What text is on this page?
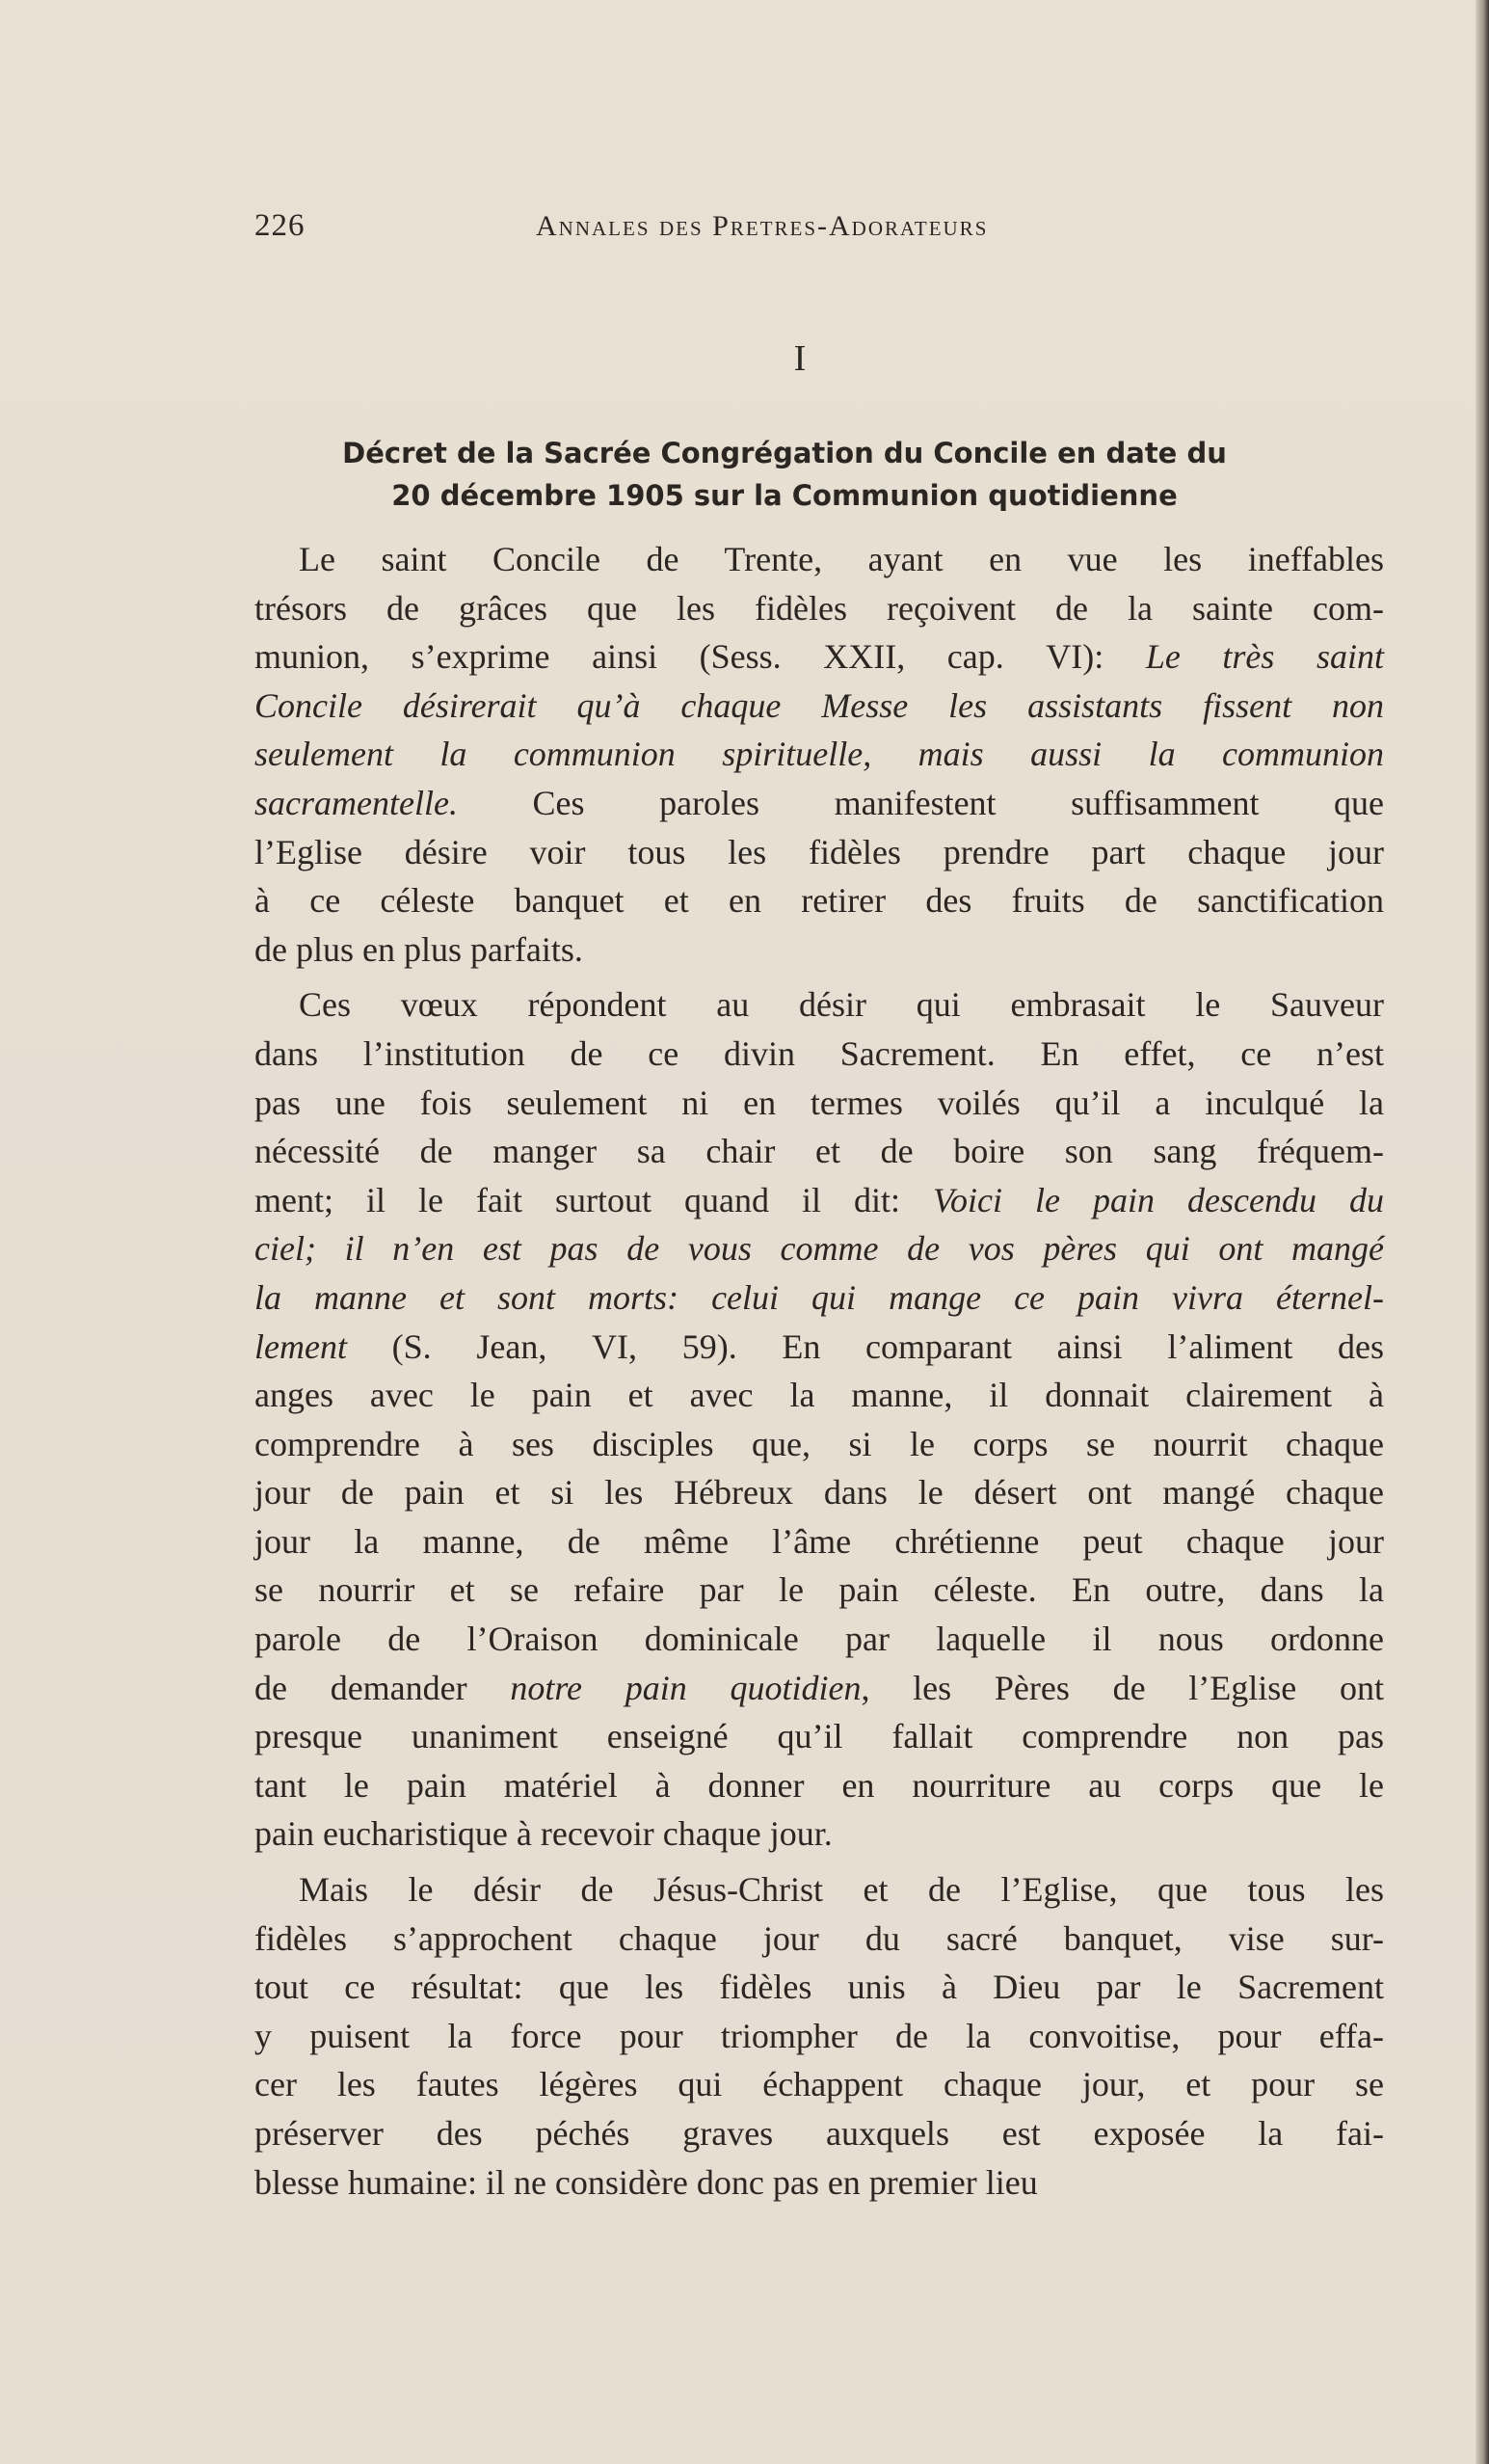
226	Annales des Pretres-Adorateurs
I
Décret de la Sacrée Congrégation du Concile en date du
20 décembre 1905 sur la Communion quotidienne
Le saint Concile de Trente, ayant en vue les ineffables
trésors de grâces que les fidèles reçoivent de la sainte com-
munion, s’exprime ainsi (Sess. XXII, cap. VI): Le très saint
Concile désirerait qu’à chaque Messe les assistants fissent non
seulement la communion spirituelle, mais aussi la communion
sacramentelle. Ces paroles manifestent suffisamment que
l’Eglise désire voir tous les fidèles prendre part chaque jour
à ce céleste banquet et en retirer des fruits de sanctification
de plus en plus parfaits.
Ces vœux répondent au désir qui embrasait le Sauveur
dans l’institution de ce divin Sacrement. En effet, ce n’est
pas une fois seulement ni en termes voilés qu’il a inculqué la
nécessité de manger sa chair et de boire son sang fréquem-
ment; il le fait surtout quand il dit: Voici le pain descendu du
ciel; il n’en est pas de vous comme de vos pères qui ont mangé
la manne et sont morts: celui qui mange ce pain vivra éternel-
lement (S. Jean, VI, 59). En comparant ainsi l’aliment des
anges avec le pain et avec la manne, il donnait clairement à
comprendre à ses disciples que, si le corps se nourrit chaque
jour de pain et si les Hébreux dans le désert ont mangé chaque
jour la manne, de même l’âme chrétienne peut chaque jour
se nourrir et se refaire par le pain céleste. En outre, dans la
parole de l’Oraison dominicale par laquelle il nous ordonne
de demander notre pain quotidien, les Pères de l’Eglise ont
presque unaniment enseigné qu’il fallait comprendre non pas
tant le pain matériel à donner en nourriture au corps que le
pain eucharistique à recevoir chaque jour.
Mais le désir de Jésus-Christ et de l’Eglise, que tous les
fidèles s’approchent chaque jour du sacré banquet, vise sur-
tout ce résultat: que les fidèles unis à Dieu par le Sacrement
y puisent la force pour triompher de la convoitise, pour effa-
cer les fautes légères qui échappent chaque jour, et pour se
préserver des péchés graves auxquels est exposée la fai-
blesse humaine: il ne considère donc pas en premier lieu
